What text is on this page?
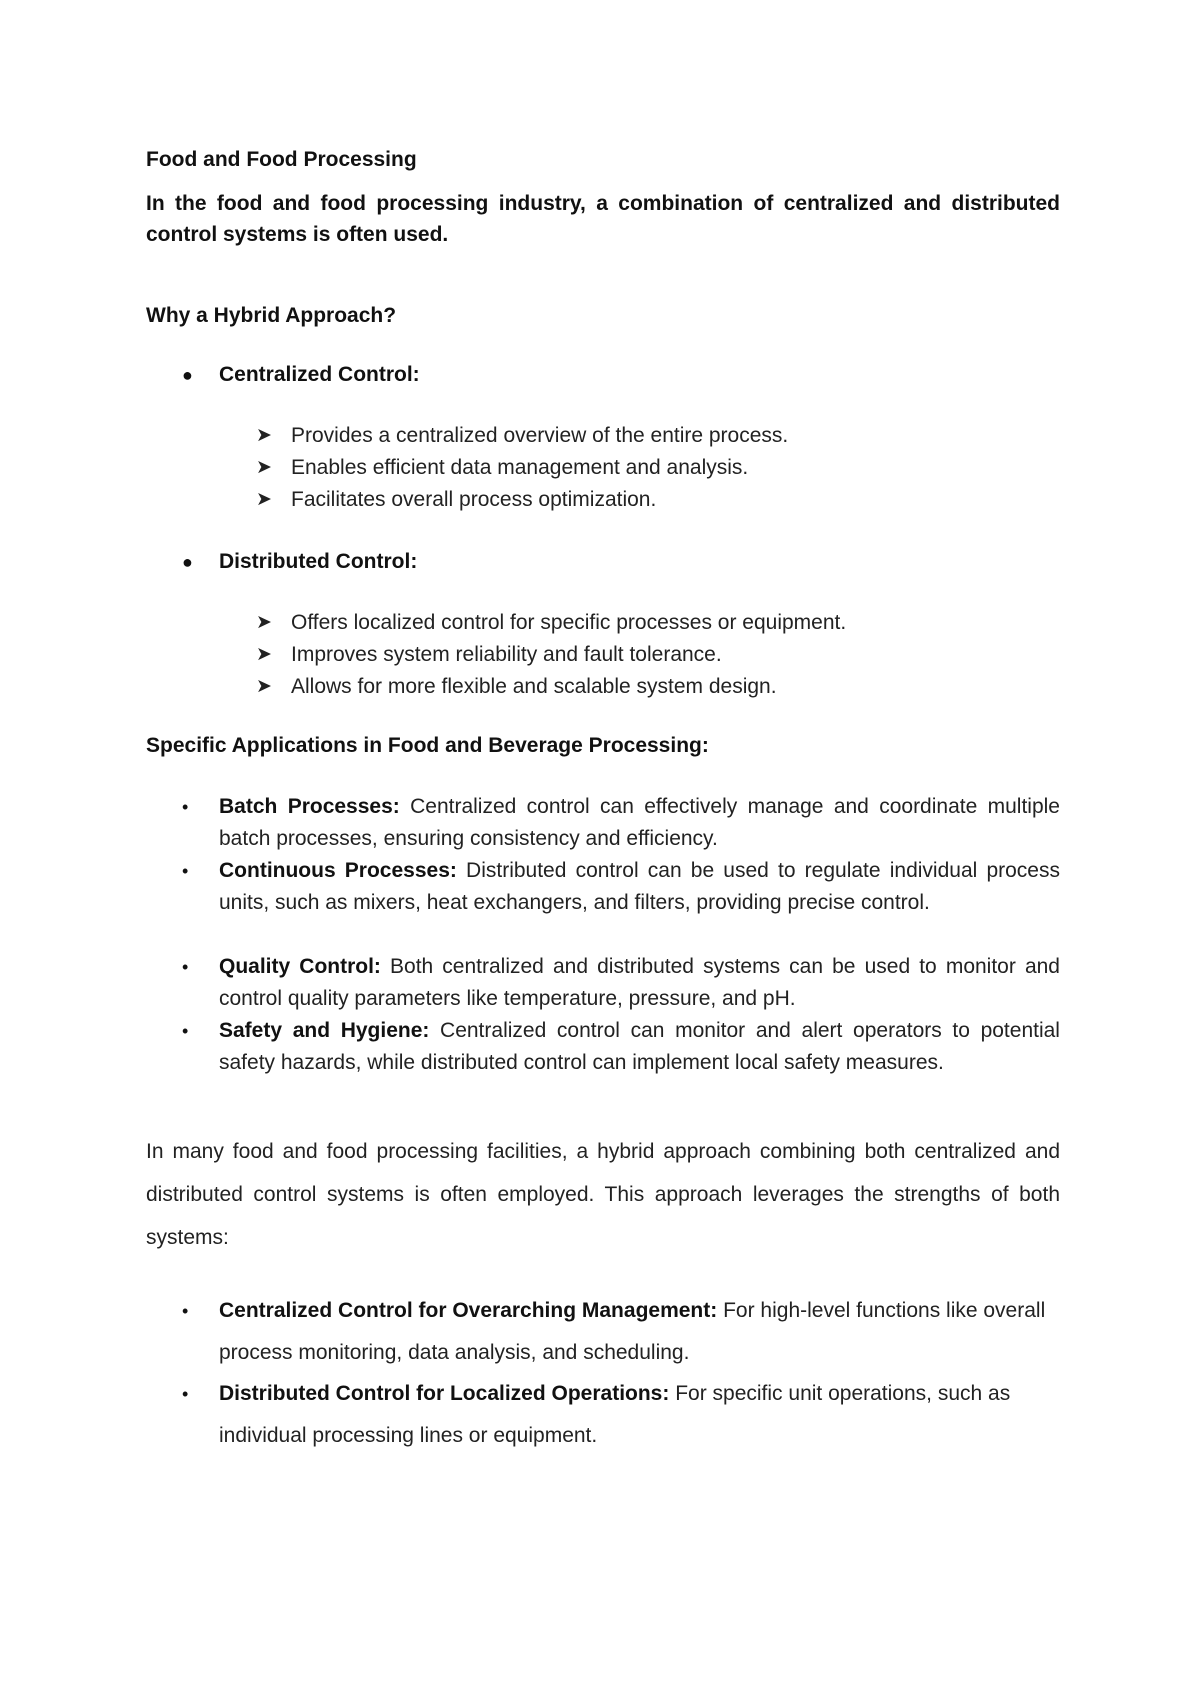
Food and Food Processing
In the food and food processing industry, a combination of centralized and distributed control systems is often used.
Why a Hybrid Approach?
● Centralized Control:
➤ Provides a centralized overview of the entire process.
➤ Enables efficient data management and analysis.
➤ Facilitates overall process optimization.
● Distributed Control:
➤ Offers localized control for specific processes or equipment.
➤ Improves system reliability and fault tolerance.
➤ Allows for more flexible and scalable system design.
Specific Applications in Food and Beverage Processing:
• Batch Processes: Centralized control can effectively manage and coordinate multiple batch processes, ensuring consistency and efficiency.
• Continuous Processes: Distributed control can be used to regulate individual process units, such as mixers, heat exchangers, and filters, providing precise control.
• Quality Control: Both centralized and distributed systems can be used to monitor and control quality parameters like temperature, pressure, and pH.
• Safety and Hygiene: Centralized control can monitor and alert operators to potential safety hazards, while distributed control can implement local safety measures.
In many food and food processing facilities, a hybrid approach combining both centralized and distributed control systems is often employed. This approach leverages the strengths of both systems:
• Centralized Control for Overarching Management: For high-level functions like overall process monitoring, data analysis, and scheduling.
• Distributed Control for Localized Operations: For specific unit operations, such as individual processing lines or equipment.
